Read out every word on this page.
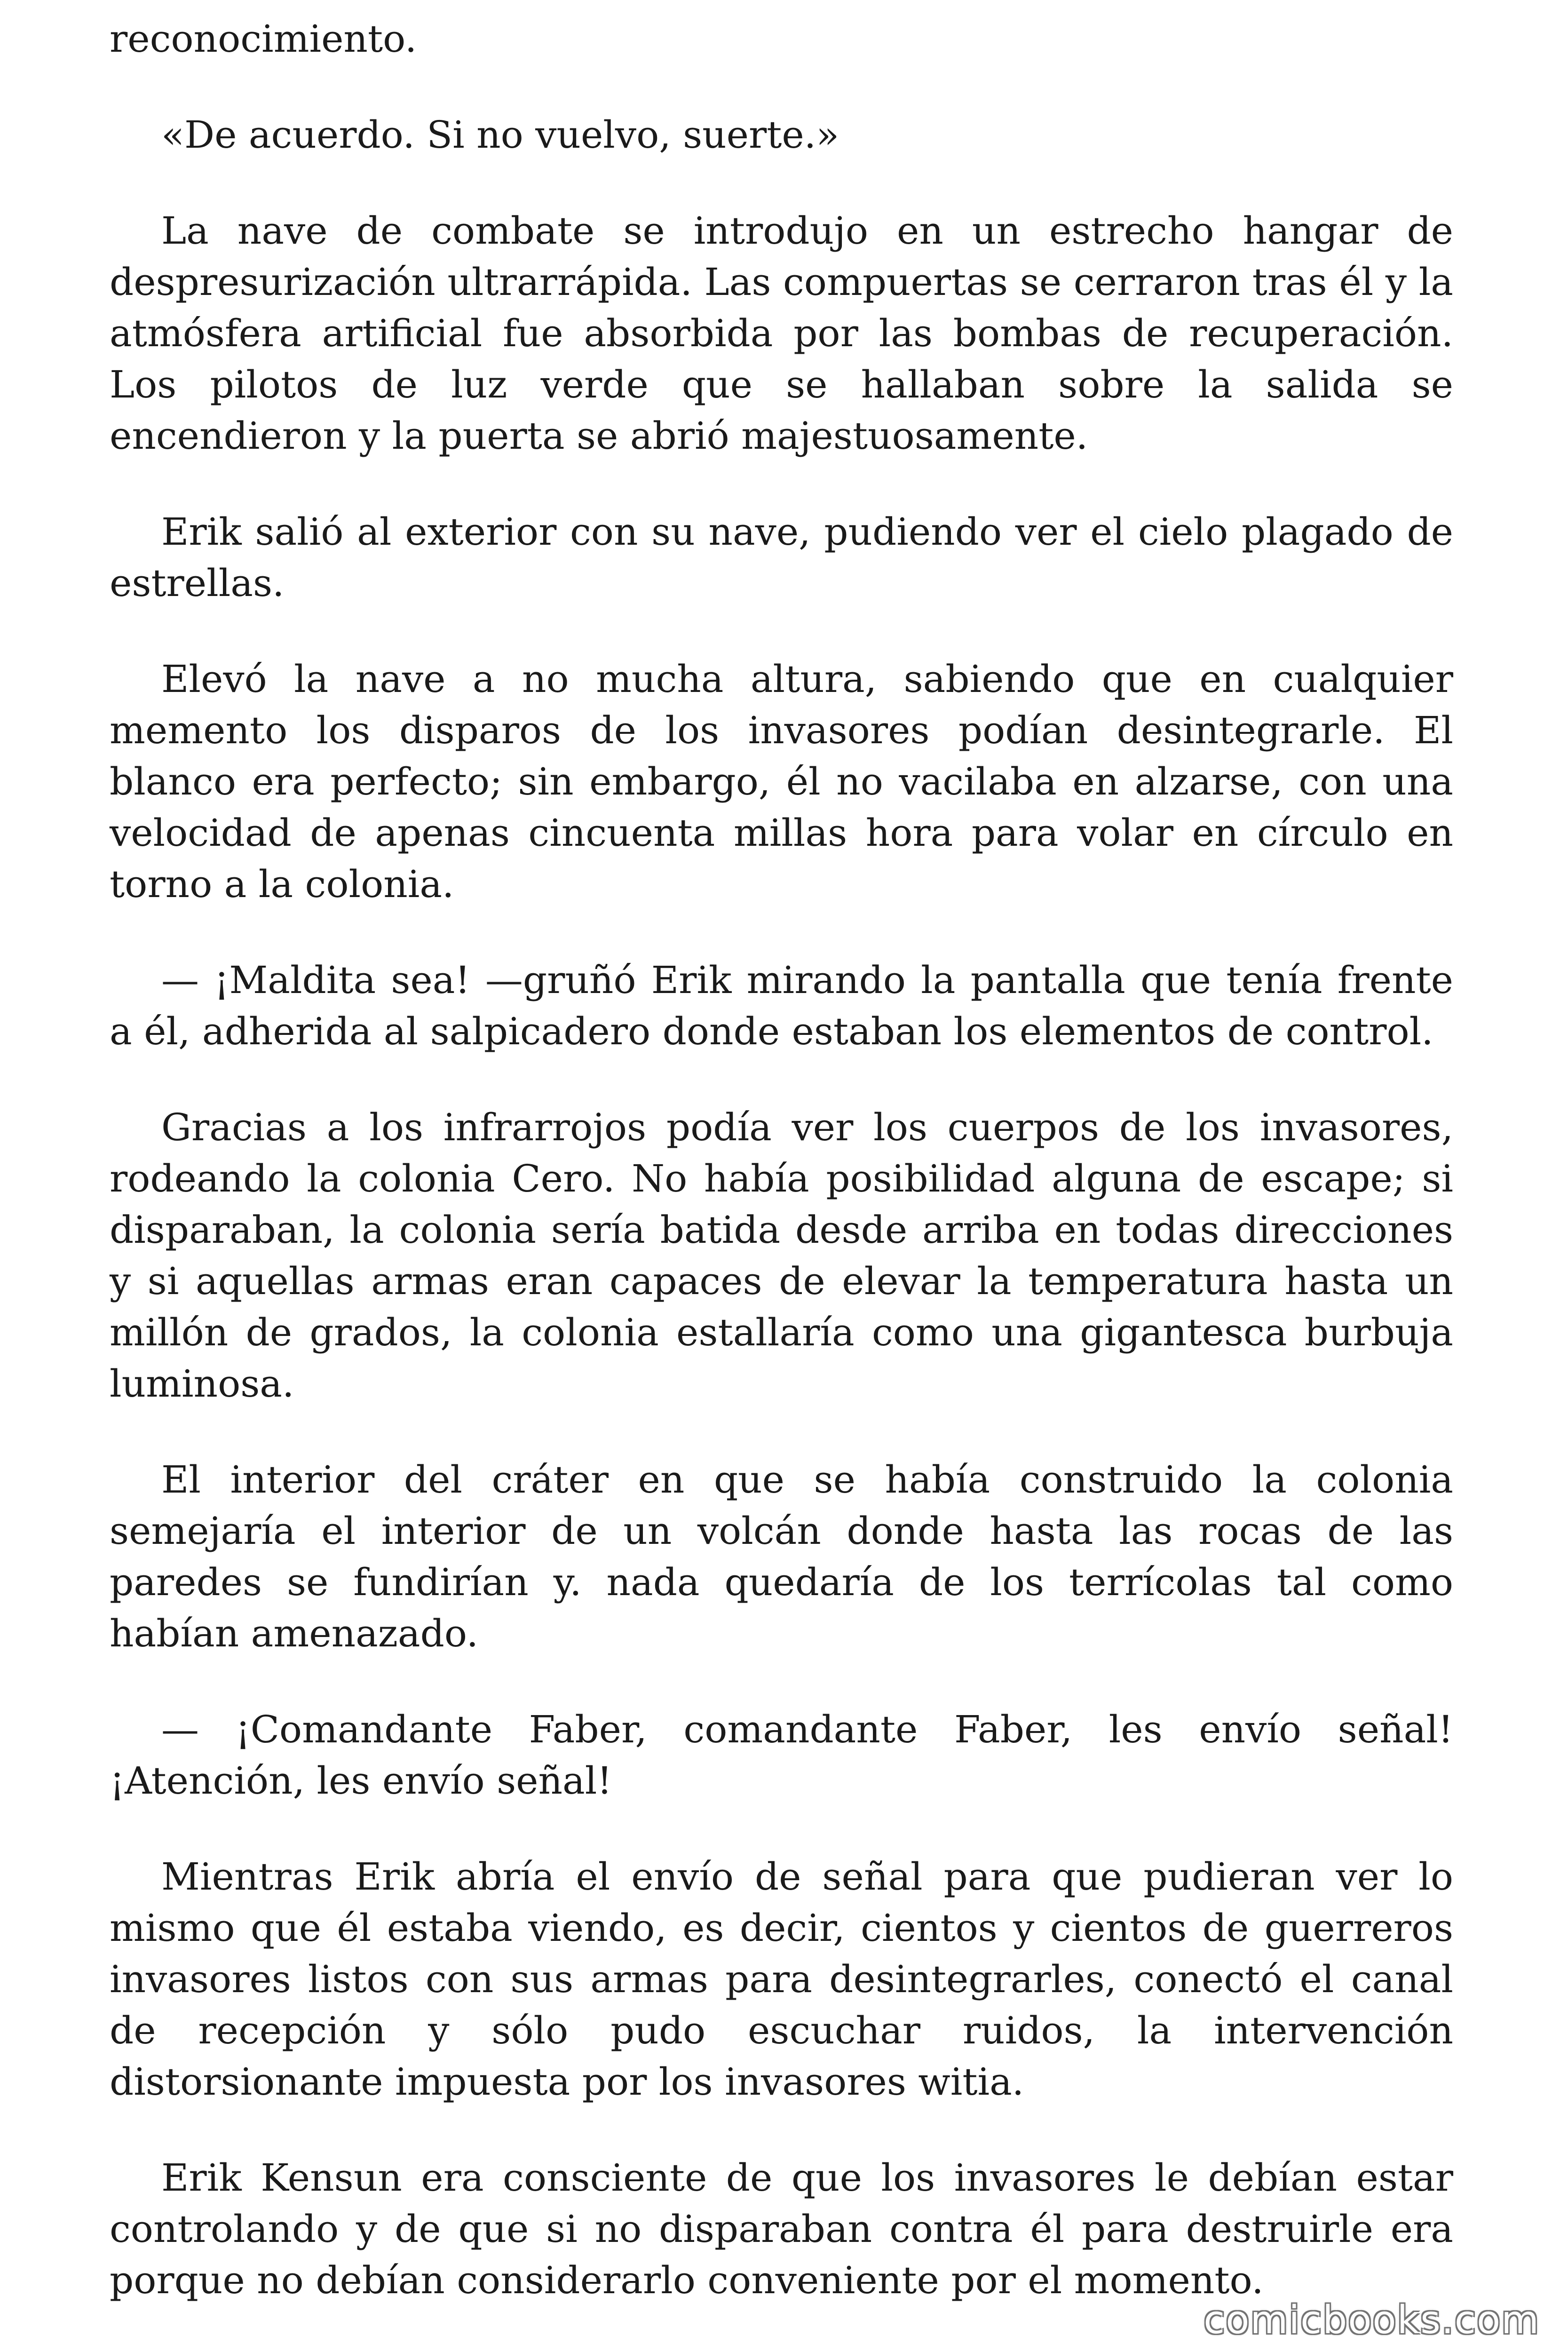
reconocimiento.

«De acuerdo. Si no vuelvo, suerte.»

La nave de combate se introdujo en un estrecho hangar de despresurización ultrarrápida. Las compuertas se cerraron tras él y la atmósfera artificial fue absorbida por las bombas de recuperación. Los pilotos de luz verde que se hallaban sobre la salida se encendieron y la puerta se abrió majestuosamente.

Erik salió al exterior con su nave, pudiendo ver el cielo plagado de estrellas.

Elevó la nave a no mucha altura, sabiendo que en cualquier memento los disparos de los invasores podían desintegrarle. El blanco era perfecto; sin embargo, él no vacilaba en alzarse, con una velocidad de apenas cincuenta millas hora para volar en círculo en torno a la colonia.

— ¡Maldita sea! —gruñó Erik mirando la pantalla que tenía frente a él, adherida al salpicadero donde estaban los elementos de control.

Gracias a los infrarrojos podía ver los cuerpos de los invasores, rodeando la colonia Cero. No había posibilidad alguna de escape; si disparaban, la colonia sería batida desde arriba en todas direcciones y si aquellas armas eran capaces de elevar la temperatura hasta un millón de grados, la colonia estallaría como una gigantesca burbuja luminosa.

El interior del cráter en que se había construido la colonia semejaría el interior de un volcán donde hasta las rocas de las paredes se fundirían y. nada quedaría de los terrícolas tal como habían amenazado.

— ¡Comandante Faber, comandante Faber, les envío señal! ¡Atención, les envío señal!

Mientras Erik abría el envío de señal para que pudieran ver lo mismo que él estaba viendo, es decir, cientos y cientos de guerreros invasores listos con sus armas para desintegrarles, conectó el canal de recepción y sólo pudo escuchar ruidos, la intervención distorsionante impuesta por los invasores witia.

Erik Kensun era consciente de que los invasores le debían estar controlando y de que si no disparaban contra él para destruirle era porque no debían considerarlo conveniente por el momento.

comicbooks.com
